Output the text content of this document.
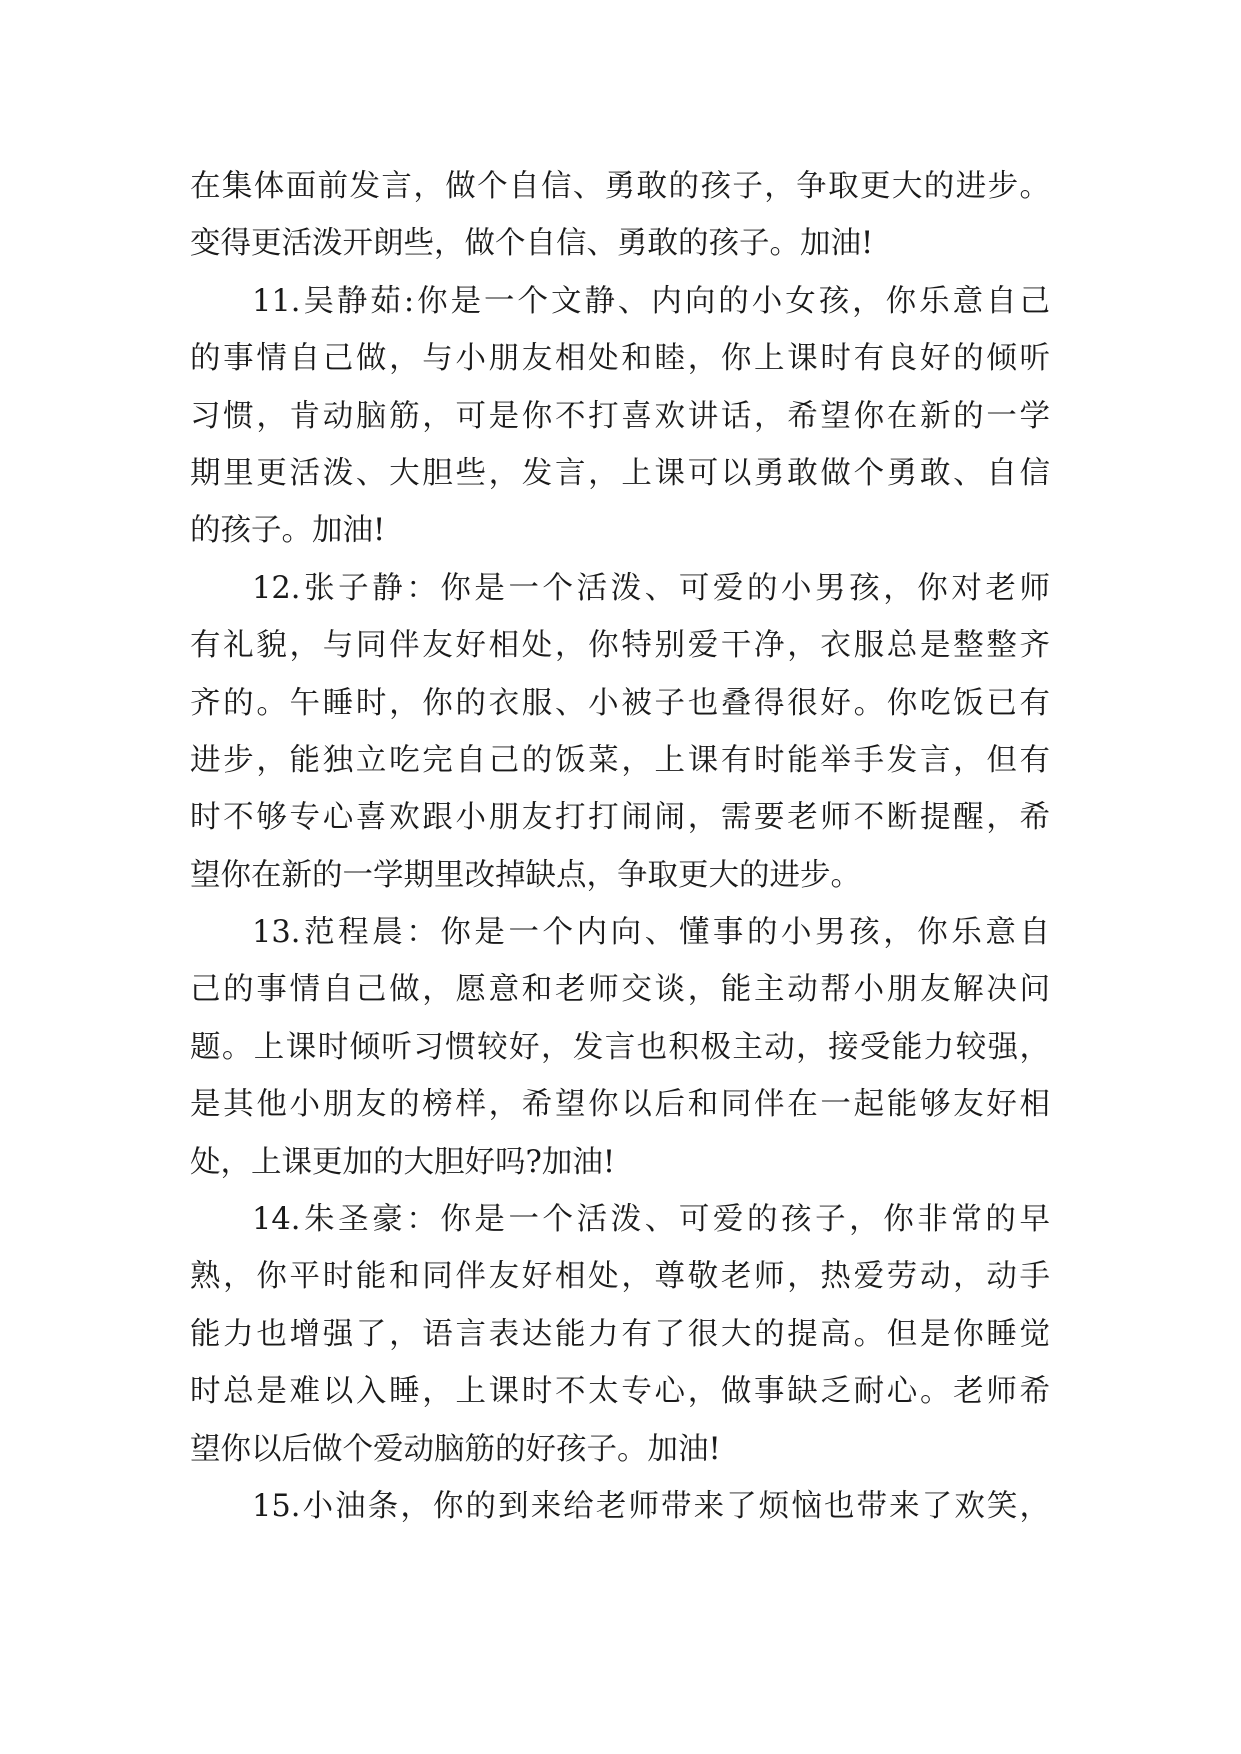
在集体面前发言，做个自信、勇敢的孩子，争取更大的进步。
变得更活泼开朗些，做个自信、勇敢的孩子。加油!
11.吴静茹:你是一个文静、内向的小女孩，你乐意自己
的事情自己做，与小朋友相处和睦，你上课时有良好的倾听
习惯，肯动脑筋，可是你不打喜欢讲话，希望你在新的一学
期里更活泼、大胆些，发言，上课可以勇敢做个勇敢、自信
的孩子。加油!
12.张子静：你是一个活泼、可爱的小男孩，你对老师
有礼貌，与同伴友好相处，你特别爱干净，衣服总是整整齐
齐的。午睡时，你的衣服、小被子也叠得很好。你吃饭已有
进步，能独立吃完自己的饭菜，上课有时能举手发言，但有
时不够专心喜欢跟小朋友打打闹闹，需要老师不断提醒，希
望你在新的一学期里改掉缺点，争取更大的进步。
13.范程晨：你是一个内向、懂事的小男孩，你乐意自
己的事情自己做，愿意和老师交谈，能主动帮小朋友解决问
题。上课时倾听习惯较好，发言也积极主动，接受能力较强，
是其他小朋友的榜样，希望你以后和同伴在一起能够友好相
处，上课更加的大胆好吗?加油!
14.朱圣豪：你是一个活泼、可爱的孩子，你非常的早
熟，你平时能和同伴友好相处，尊敬老师，热爱劳动，动手
能力也增强了，语言表达能力有了很大的提高。但是你睡觉
时总是难以入睡，上课时不太专心，做事缺乏耐心。老师希
望你以后做个爱动脑筋的好孩子。加油!
15.小油条，你的到来给老师带来了烦恼也带来了欢笑，
